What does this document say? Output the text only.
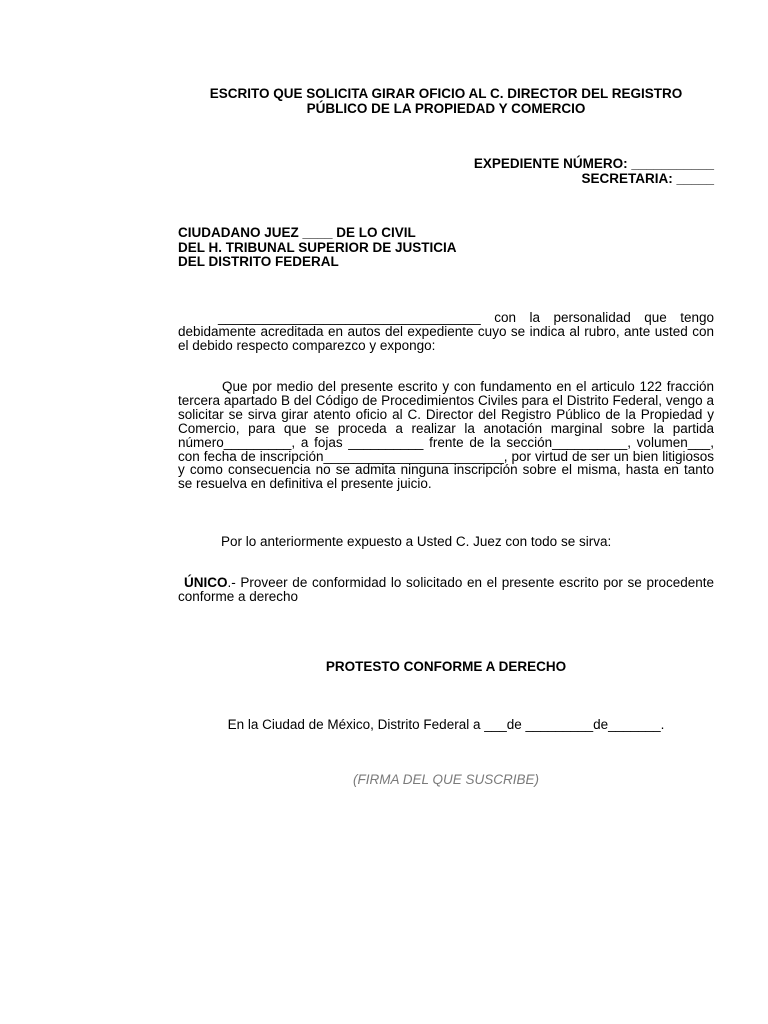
ESCRITO QUE SOLICITA GIRAR OFICIO AL C. DIRECTOR DEL REGISTRO
PÚBLICO DE LA PROPIEDAD Y COMERCIO
EXPEDIENTE NÚMERO: ___________
SECRETARIA: _____
CIUDADANO JUEZ ____ DE LO CIVIL
DEL H. TRIBUNAL SUPERIOR DE JUSTICIA
DEL DISTRITO FEDERAL
___________________________________ con la personalidad que tengo debidamente acreditada en autos del expediente cuyo se indica al rubro, ante usted con el debido respecto comparezco y expongo:
Que por medio del presente escrito y con fundamento en el articulo 122 fracción tercera apartado B del Código de Procedimientos Civiles para el Distrito Federal, vengo a solicitar se sirva girar atento oficio al C. Director del Registro Público de la Propiedad y Comercio, para que se proceda a realizar la anotación marginal sobre la partida número_________, a fojas __________ frente de la sección__________, volumen___, con fecha de inscripción________________________, por virtud de ser un bien litigiosos y como consecuencia no se admita ninguna inscripción sobre el misma, hasta en tanto se resuelva en definitiva el presente juicio.
Por lo anteriormente expuesto a Usted C. Juez con todo se sirva:
ÚNICO.- Proveer de conformidad lo solicitado en el presente escrito por se procedente conforme a derecho
PROTESTO CONFORME A DERECHO
En la Ciudad de México, Distrito Federal a ___de _________de_______.
(FIRMA DEL QUE SUSCRIBE)
